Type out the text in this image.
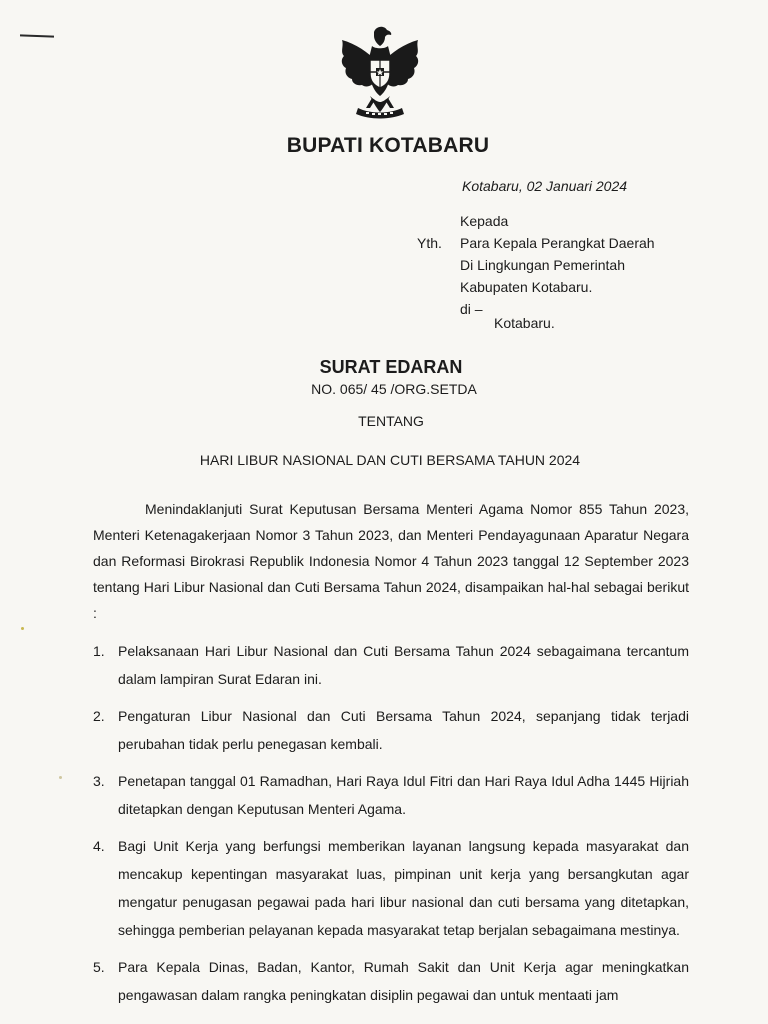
BUPATI KOTABARU
Kotabaru, 02 Januari 2024
Yth.
Kepada
Para Kepala Perangkat Daerah
Di Lingkungan Pemerintah
Kabupaten Kotabaru.
di –
Kotabaru.
SURAT EDARAN
NO. 065/ 45 /ORG.SETDA
TENTANG
HARI LIBUR NASIONAL DAN CUTI BERSAMA TAHUN 2024

Menindaklanjuti Surat Keputusan Bersama Menteri Agama Nomor 855 Tahun 2023, Menteri Ketenagakerjaan Nomor 3 Tahun 2023, dan Menteri Pendayagunaan Aparatur Negara dan Reformasi Birokrasi Republik Indonesia Nomor 4 Tahun 2023 tanggal 12 September 2023 tentang Hari Libur Nasional dan Cuti Bersama Tahun 2024, disampaikan hal-hal sebagai berikut :

1. Pelaksanaan Hari Libur Nasional dan Cuti Bersama Tahun 2024 sebagaimana tercantum dalam lampiran Surat Edaran ini.
2. Pengaturan Libur Nasional dan Cuti Bersama Tahun 2024, sepanjang tidak terjadi perubahan tidak perlu penegasan kembali.
3. Penetapan tanggal 01 Ramadhan, Hari Raya Idul Fitri dan Hari Raya Idul Adha 1445 Hijriah ditetapkan dengan Keputusan Menteri Agama.
4. Bagi Unit Kerja yang berfungsi memberikan layanan langsung kepada masyarakat dan mencakup kepentingan masyarakat luas, pimpinan unit kerja yang bersangkutan agar mengatur penugasan pegawai pada hari libur nasional dan cuti bersama yang ditetapkan, sehingga pemberian pelayanan kepada masyarakat tetap berjalan sebagaimana mestinya.
5. Para Kepala Dinas, Badan, Kantor, Rumah Sakit dan Unit Kerja agar meningkatkan pengawasan dalam rangka peningkatan disiplin pegawai dan untuk mentaati jam
